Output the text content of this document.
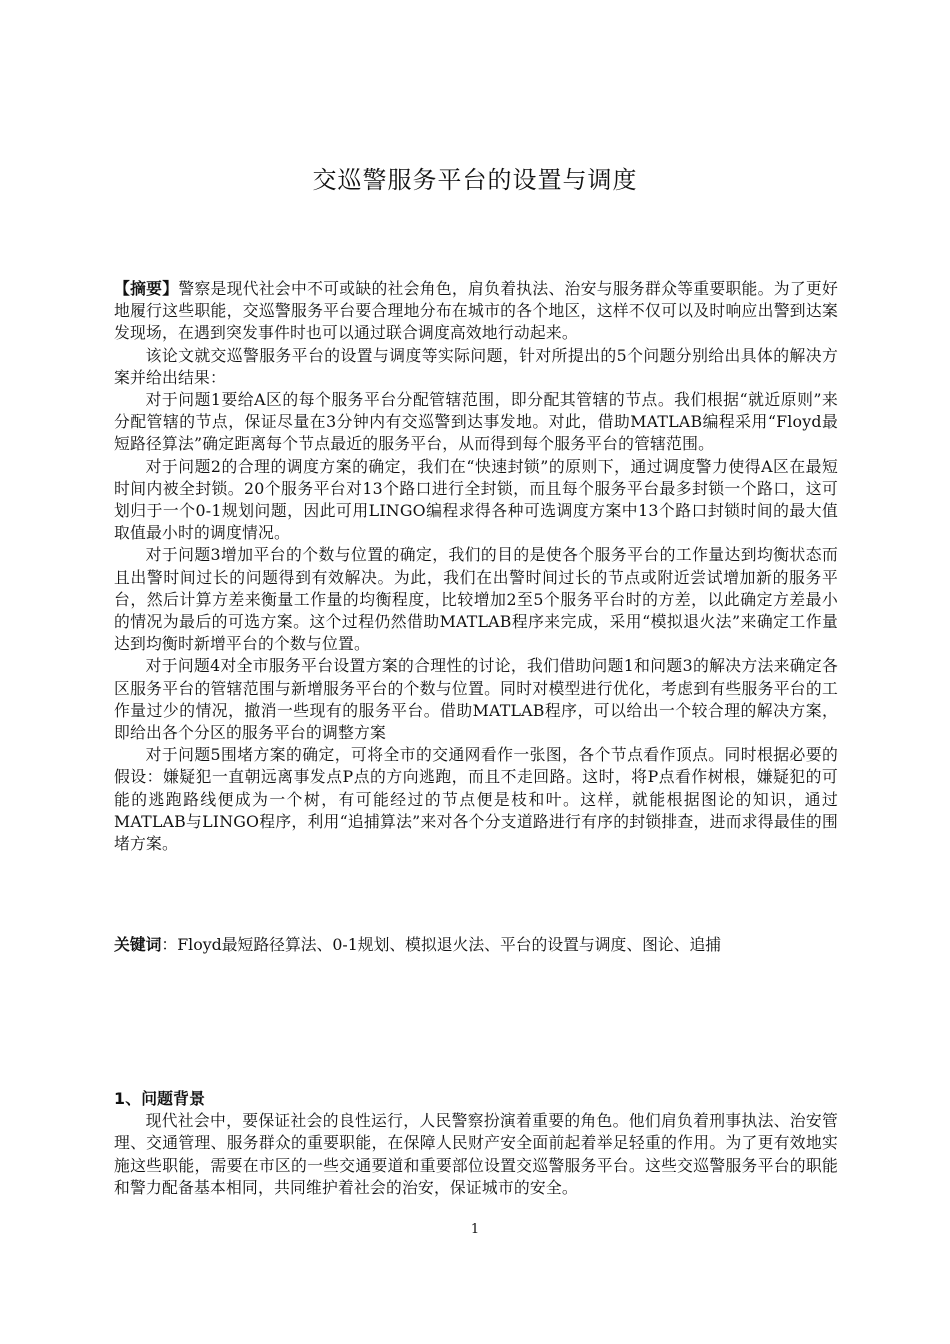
交巡警服务平台的设置与调度

【摘要】警察是现代社会中不可或缺的社会角色，肩负着执法、治安与服务群众等重要职能。为了更好地履行这些职能，交巡警服务平台要合理地分布在城市的各个地区，这样不仅可以及时响应出警到达案发现场，在遇到突发事件时也可以通过联合调度高效地行动起来。

该论文就交巡警服务平台的设置与调度等实际问题，针对所提出的5个问题分别给出具体的解决方案并给出结果：

对于问题1要给A区的每个服务平台分配管辖范围，即分配其管辖的节点。我们根据“就近原则”来分配管辖的节点，保证尽量在3分钟内有交巡警到达事发地。对此，借助MATLAB编程采用“Floyd最短路径算法”确定距离每个节点最近的服务平台，从而得到每个服务平台的管辖范围。

对于问题2的合理的调度方案的确定，我们在“快速封锁”的原则下，通过调度警力使得A区在最短时间内被全封锁。20个服务平台对13个路口进行全封锁，而且每个服务平台最多封锁一个路口，这可划归于一个0-1规划问题，因此可用LINGO编程求得各种可选调度方案中13个路口封锁时间的最大值取值最小时的调度情况。

对于问题3增加平台的个数与位置的确定，我们的目的是使各个服务平台的工作量达到均衡状态而且出警时间过长的问题得到有效解决。为此，我们在出警时间过长的节点或附近尝试增加新的服务平台，然后计算方差来衡量工作量的均衡程度，比较增加2至5个服务平台时的方差，以此确定方差最小的情况为最后的可选方案。这个过程仍然借助MATLAB程序来完成，采用“模拟退火法”来确定工作量达到均衡时新增平台的个数与位置。

对于问题4对全市服务平台设置方案的合理性的讨论，我们借助问题1和问题3的解决方法来确定各区服务平台的管辖范围与新增服务平台的个数与位置。同时对模型进行优化，考虑到有些服务平台的工作量过少的情况，撤消一些现有的服务平台。借助MATLAB程序，可以给出一个较合理的解决方案，即给出各个分区的服务平台的调整方案

对于问题5围堵方案的确定，可将全市的交通网看作一张图，各个节点看作顶点。同时根据必要的假设：嫌疑犯一直朝远离事发点P点的方向逃跑，而且不走回路。这时，将P点看作树根，嫌疑犯的可能的逃跑路线便成为一个树，有可能经过的节点便是枝和叶。这样，就能根据图论的知识，通过MATLAB与LINGO程序，利用“追捕算法”来对各个分支道路进行有序的封锁排查，进而求得最佳的围堵方案。

关键词：Floyd最短路径算法、0-1规划、模拟退火法、平台的设置与调度、图论、追捕
1、问题背景

现代社会中，要保证社会的良性运行，人民警察扮演着重要的角色。他们肩负着刑事执法、治安管理、交通管理、服务群众的重要职能，在保障人民财产安全面前起着举足轻重的作用。为了更有效地实施这些职能，需要在市区的一些交通要道和重要部位设置交巡警服务平台。这些交巡警服务平台的职能和警力配备基本相同，共同维护着社会的治安，保证城市的安全。

1
